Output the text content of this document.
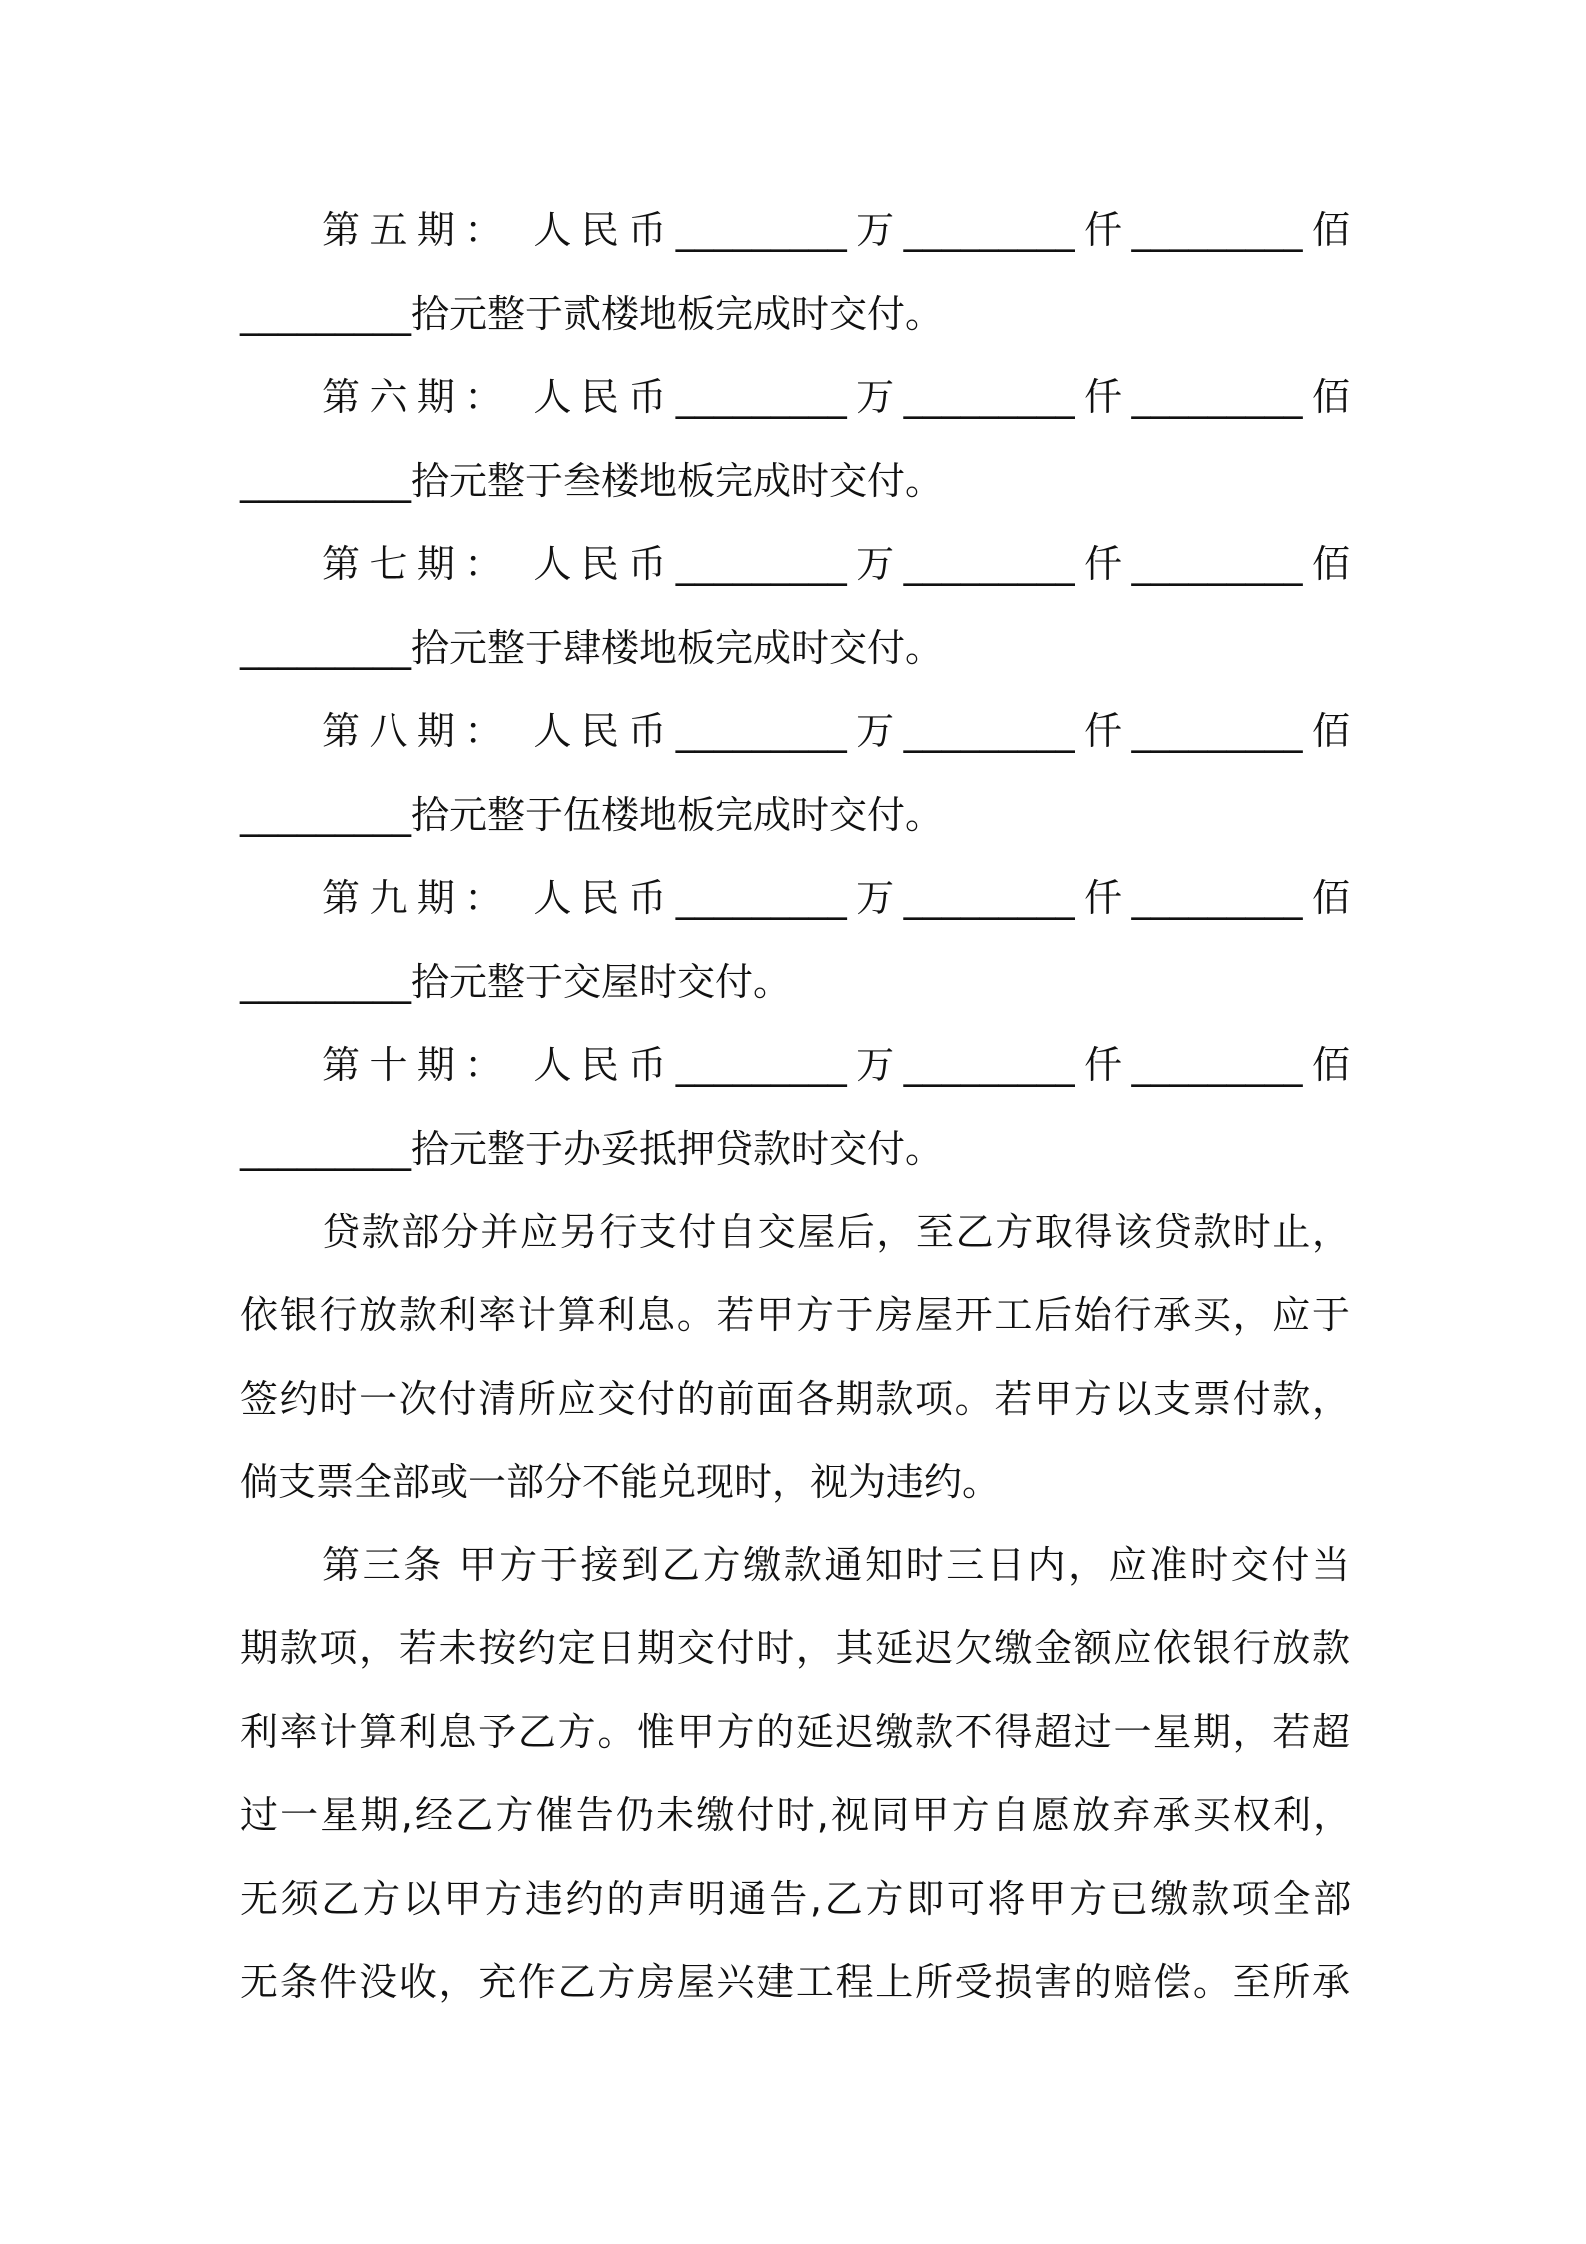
第五期： 人民币_________万_________仟_________佰

_________拾元整于贰楼地板完成时交付。

第六期： 人民币_________万_________仟_________佰

_________拾元整于叁楼地板完成时交付。

第七期： 人民币_________万_________仟_________佰

_________拾元整于肆楼地板完成时交付。

第八期： 人民币_________万_________仟_________佰

_________拾元整于伍楼地板完成时交付。

第九期： 人民币_________万_________仟_________佰

_________拾元整于交屋时交付。

第十期： 人民币_________万_________仟_________佰

_________拾元整于办妥抵押贷款时交付。

贷款部分并应另行支付自交屋后，至乙方取得该贷款时止，

依银行放款利率计算利息。若甲方于房屋开工后始行承买，应于

签约时一次付清所应交付的前面各期款项。若甲方以支票付款，

倘支票全部或一部分不能兑现时，视为违约。

第三条 甲方于接到乙方缴款通知时三日内，应准时交付当

期款项，若未按约定日期交付时，其延迟欠缴金额应依银行放款

利率计算利息予乙方。惟甲方的延迟缴款不得超过一星期，若超

过一星期,经乙方催告仍未缴付时,视同甲方自愿放弃承买权利，

无须乙方以甲方违约的声明通告,乙方即可将甲方已缴款项全部

无条件没收，充作乙方房屋兴建工程上所受损害的赔偿。至所承
